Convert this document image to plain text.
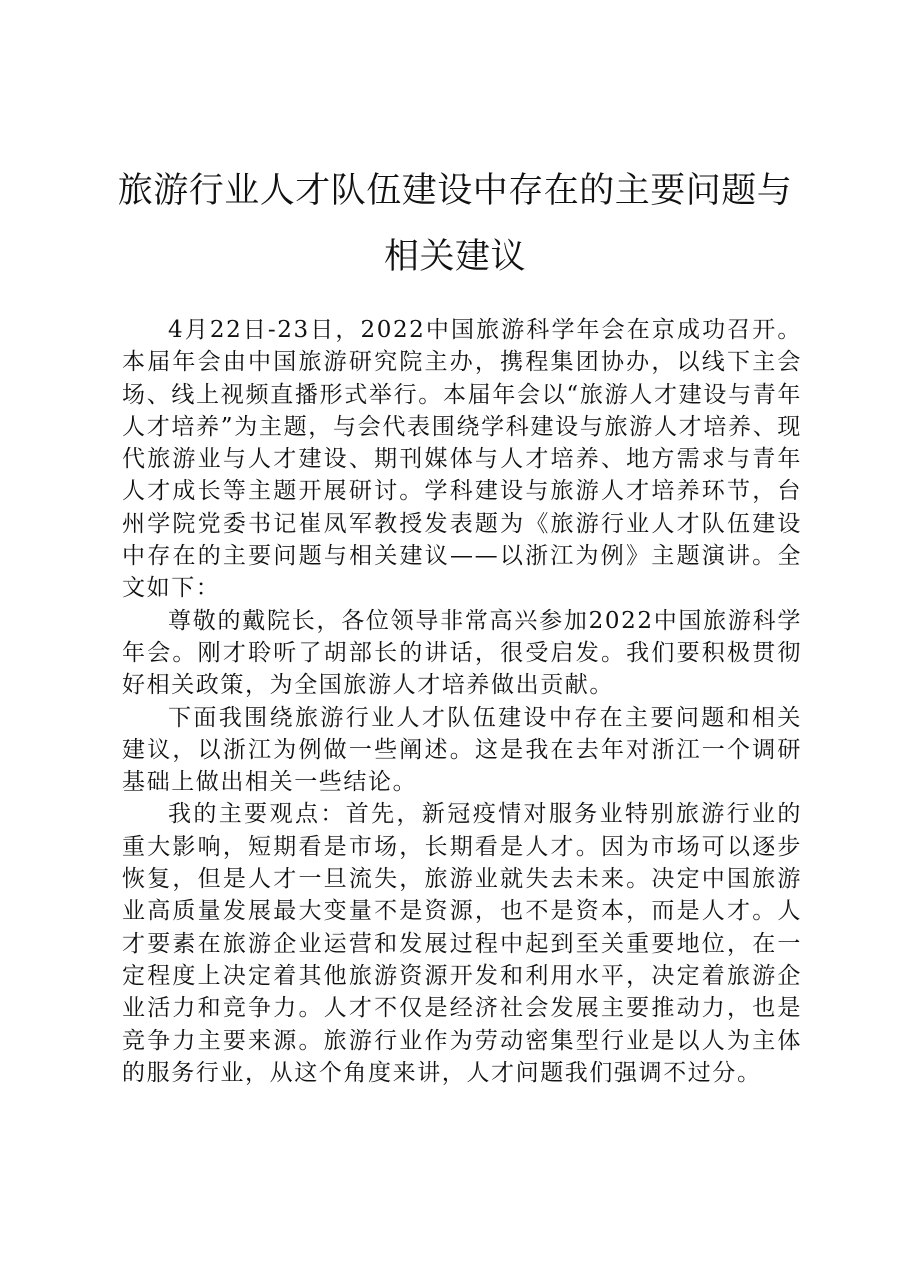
旅游行业人才队伍建设中存在的主要问题与相关建议

4月22日-23日，2022中国旅游科学年会在京成功召开。本届年会由中国旅游研究院主办，携程集团协办，以线下主会场、线上视频直播形式举行。本届年会以“旅游人才建设与青年人才培养”为主题，与会代表围绕学科建设与旅游人才培养、现代旅游业与人才建设、期刊媒体与人才培养、地方需求与青年人才成长等主题开展研讨。学科建设与旅游人才培养环节，台州学院党委书记崔凤军教授发表题为《旅游行业人才队伍建设中存在的主要问题与相关建议——以浙江为例》主题演讲。全文如下：

尊敬的戴院长，各位领导非常高兴参加2022中国旅游科学年会。刚才聆听了胡部长的讲话，很受启发。我们要积极贯彻好相关政策，为全国旅游人才培养做出贡献。

下面我围绕旅游行业人才队伍建设中存在主要问题和相关建议，以浙江为例做一些阐述。这是我在去年对浙江一个调研基础上做出相关一些结论。

我的主要观点：首先，新冠疫情对服务业特别旅游行业的重大影响，短期看是市场，长期看是人才。因为市场可以逐步恢复，但是人才一旦流失，旅游业就失去未来。决定中国旅游业高质量发展最大变量不是资源，也不是资本，而是人才。人才要素在旅游企业运营和发展过程中起到至关重要地位，在一定程度上决定着其他旅游资源开发和利用水平，决定着旅游企业活力和竞争力。人才不仅是经济社会发展主要推动力，也是竞争力主要来源。旅游行业作为劳动密集型行业是以人为主体的服务行业，从这个角度来讲，人才问题我们强调不过分。
